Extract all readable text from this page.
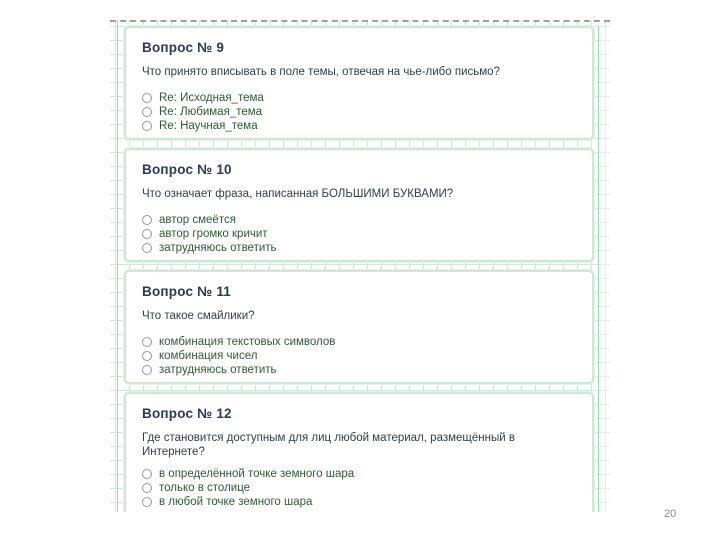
Вопрос № 9
Что принято вписывать в поле темы, отвечая на чье-либо письмо?
Re: Исходная_тема
Re: Любимая_тема
Re: Научная_тема
Вопрос № 10
Что означает фраза, написанная БОЛЬШИМИ БУКВАМИ?
автор смеётся
автор громко кричит
затрудняюсь ответить
Вопрос № 11
Что такое смайлики?
комбинация текстовых символов
комбинация чисел
затрудняюсь ответить
Вопрос № 12
Где становится доступным для лиц любой материал, размещённый в Интернете?
в определённой точке земного шара
только в столице
в любой точке земного шара
20
